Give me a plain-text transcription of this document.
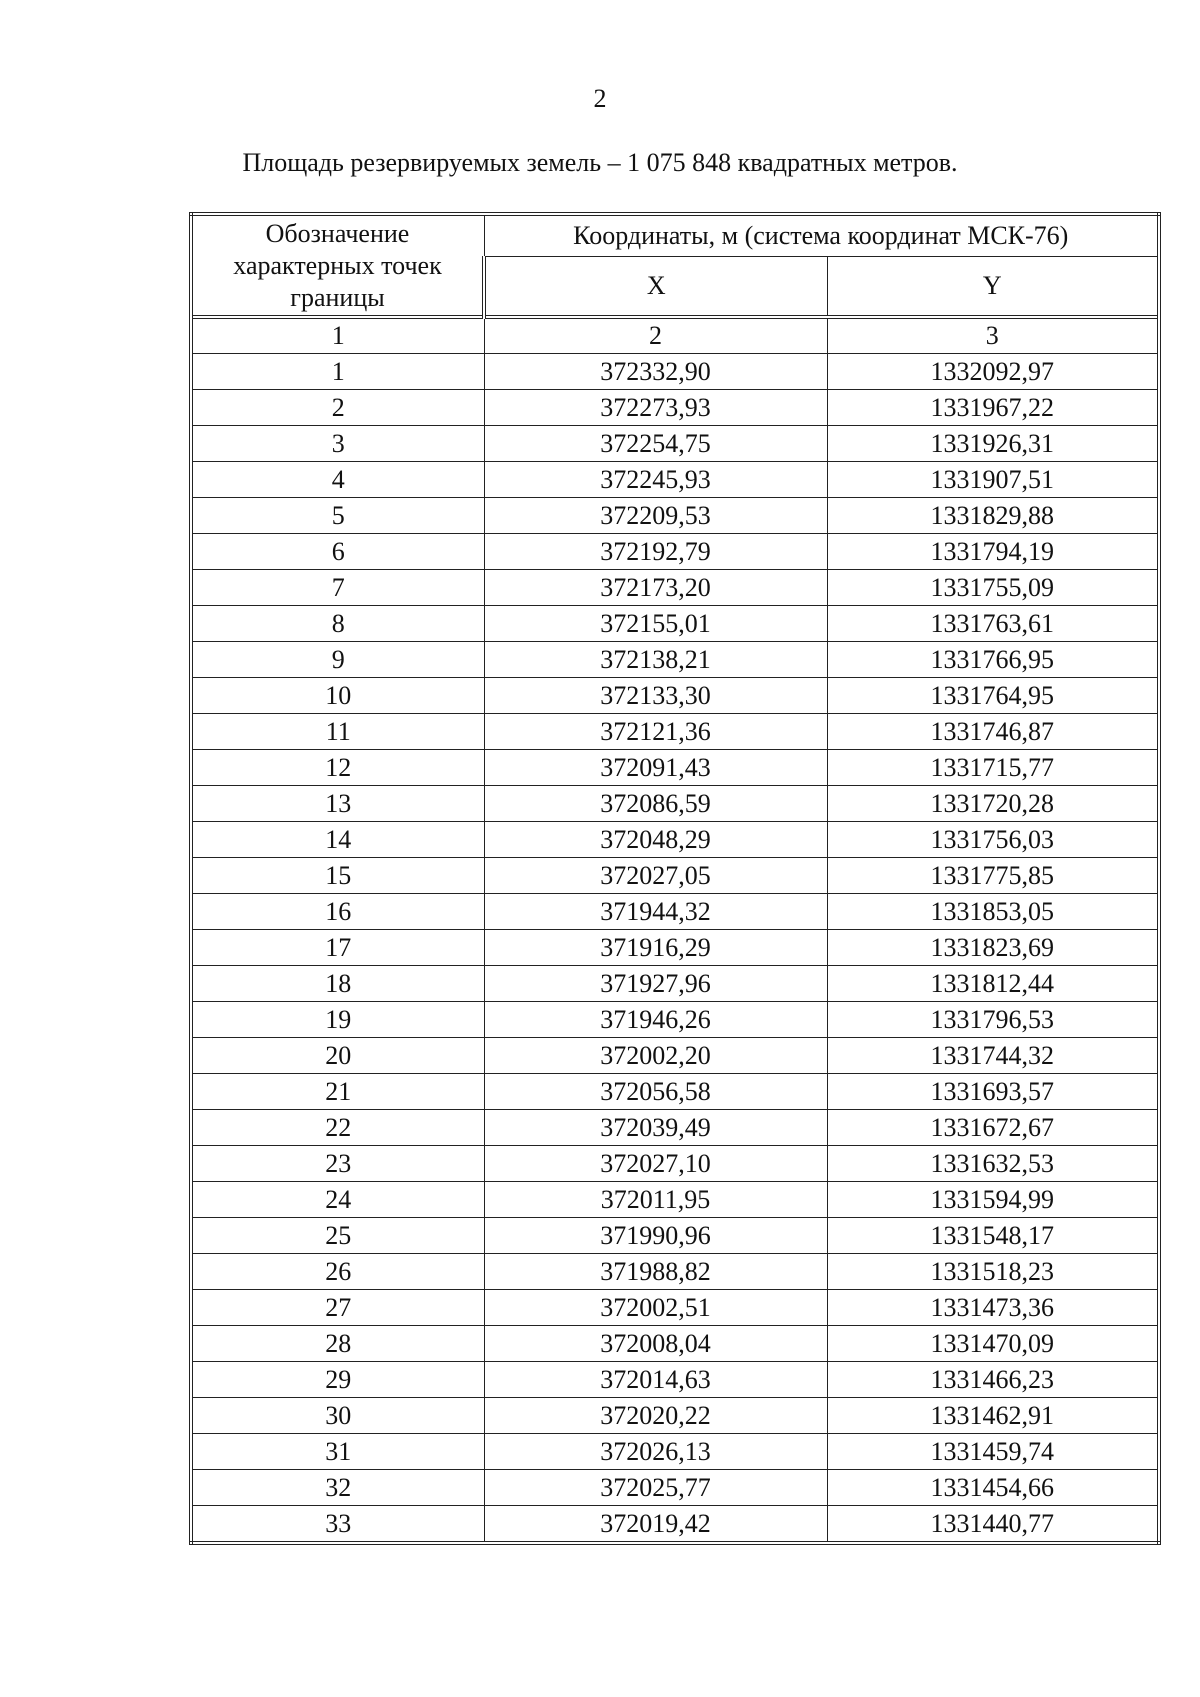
2
Площадь резервируемых земель – 1 075 848 квадратных метров.
Обозначение характерных точек границы	Координаты, м (система координат МСК-76)	
	X	Y
1	2	3
1	372332,90	1332092,97
2	372273,93	1331967,22
3	372254,75	1331926,31
4	372245,93	1331907,51
5	372209,53	1331829,88
6	372192,79	1331794,19
7	372173,20	1331755,09
8	372155,01	1331763,61
9	372138,21	1331766,95
10	372133,30	1331764,95
11	372121,36	1331746,87
12	372091,43	1331715,77
13	372086,59	1331720,28
14	372048,29	1331756,03
15	372027,05	1331775,85
16	371944,32	1331853,05
17	371916,29	1331823,69
18	371927,96	1331812,44
19	371946,26	1331796,53
20	372002,20	1331744,32
21	372056,58	1331693,57
22	372039,49	1331672,67
23	372027,10	1331632,53
24	372011,95	1331594,99
25	371990,96	1331548,17
26	371988,82	1331518,23
27	372002,51	1331473,36
28	372008,04	1331470,09
29	372014,63	1331466,23
30	372020,22	1331462,91
31	372026,13	1331459,74
32	372025,77	1331454,66
33	372019,42	1331440,77
